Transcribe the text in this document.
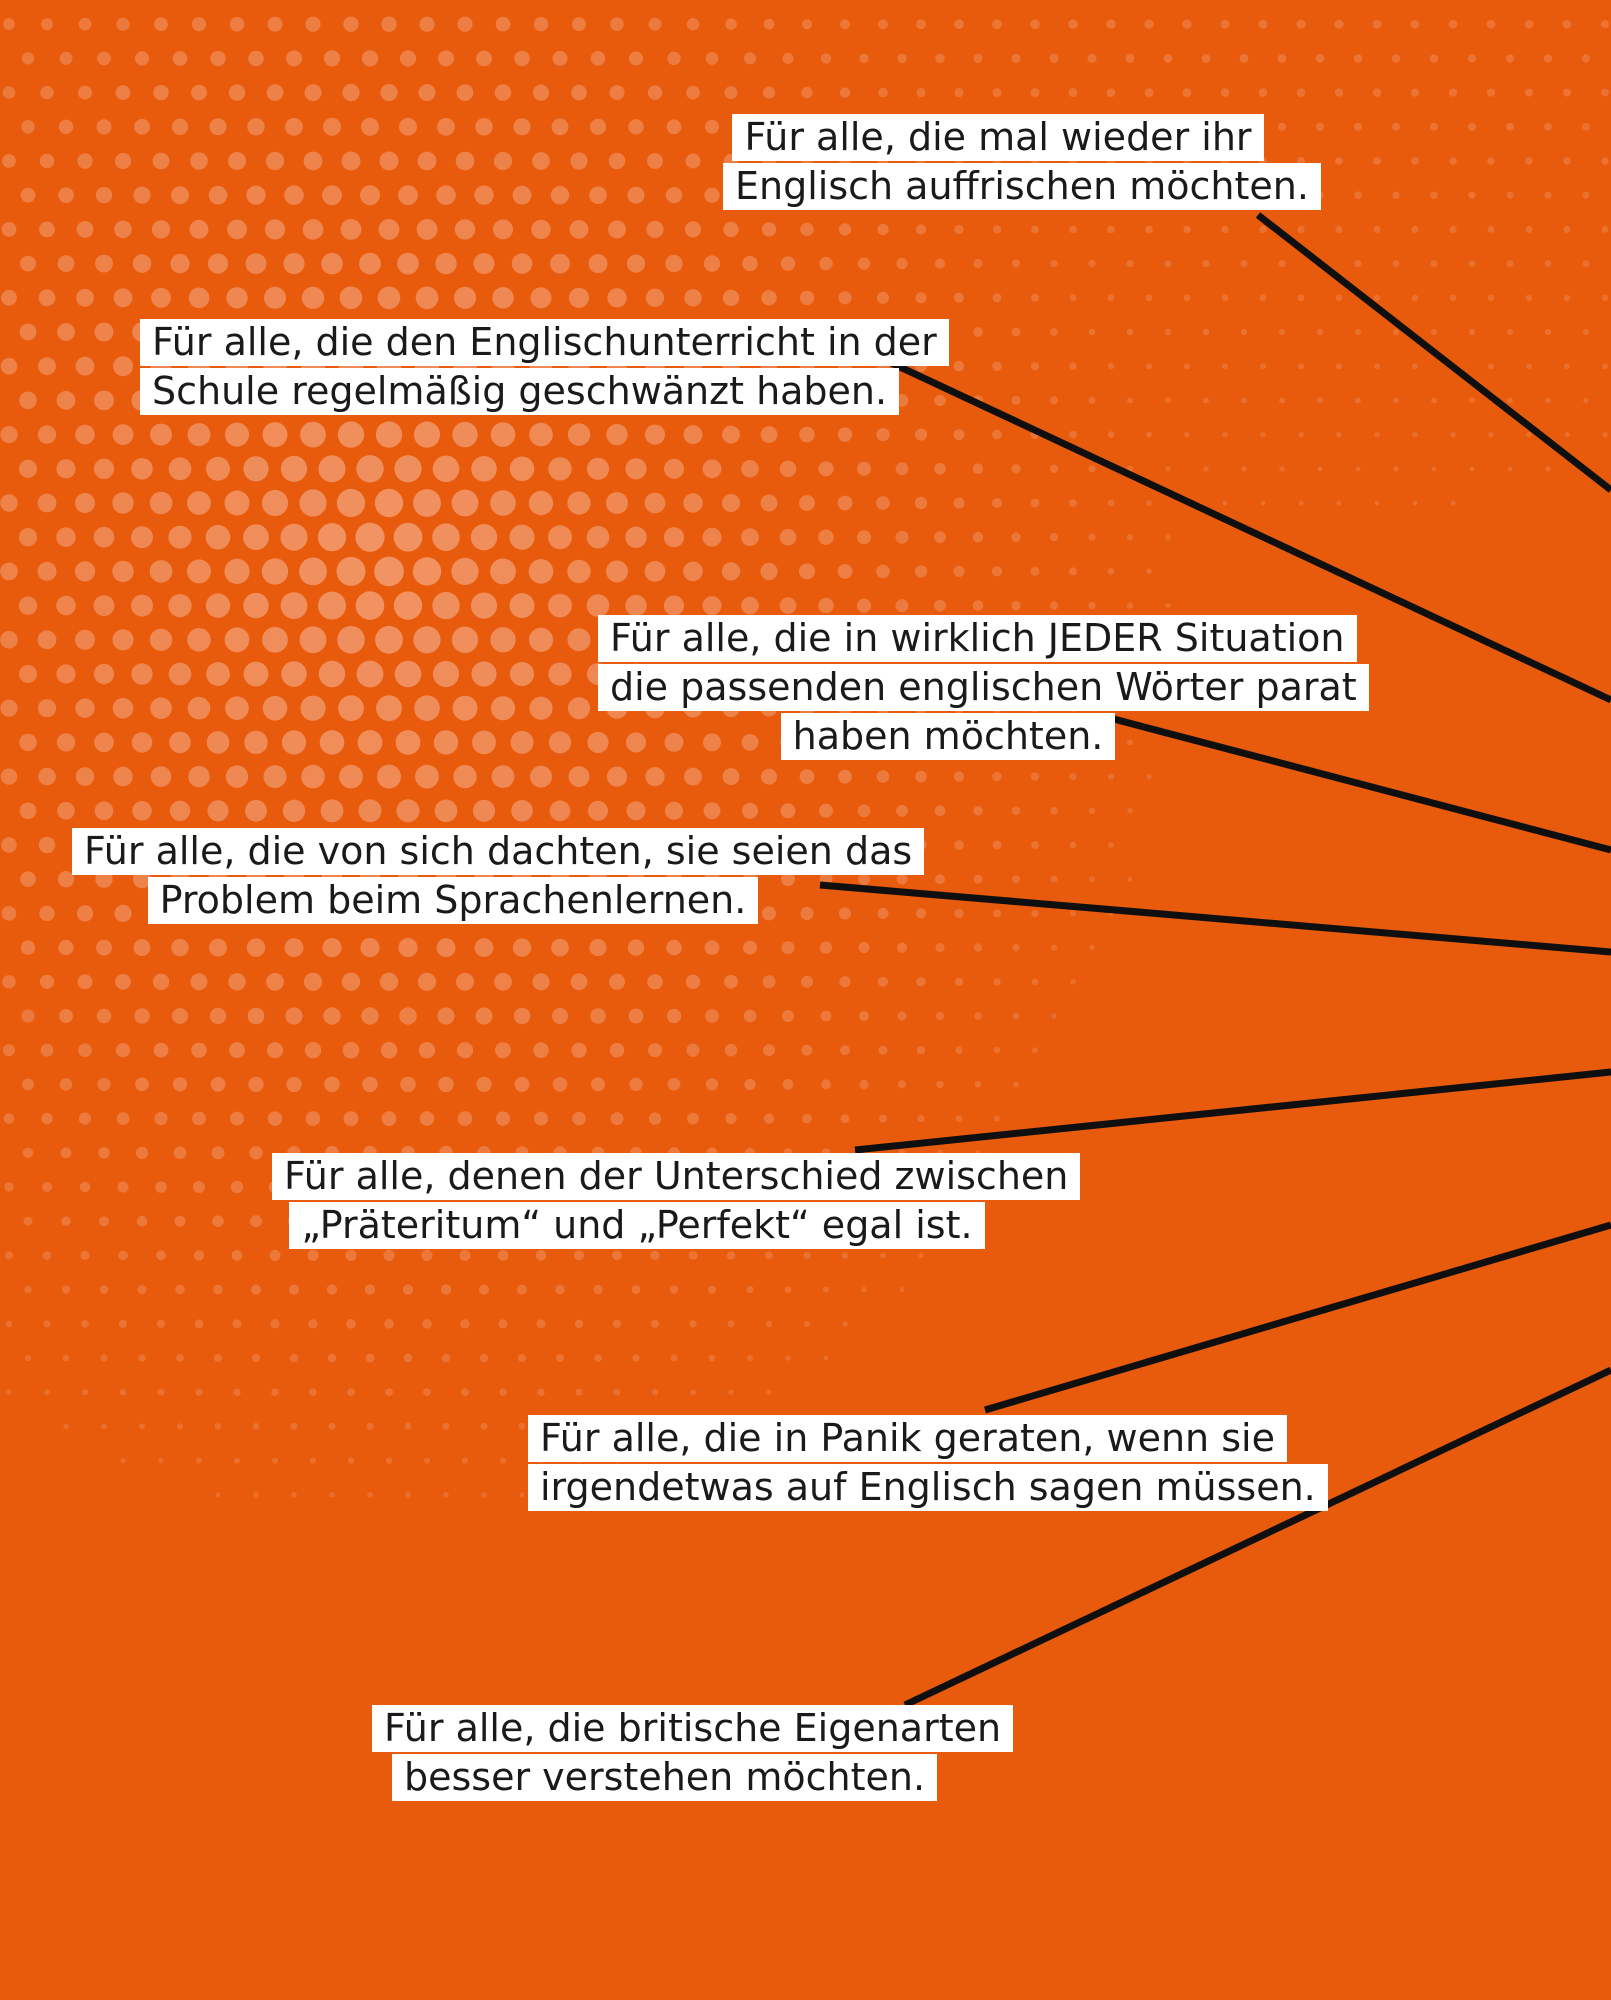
Für alle, die mal wieder ihr
Englisch auffrischen möchten.
Für alle, die den Englischunterricht in der
Schule regelmäßig geschwänzt haben.
Für alle, die in wirklich JEDER Situation
die passenden englischen Wörter parat
haben möchten.
Für alle, die von sich dachten, sie seien das
Problem beim Sprachenlernen.
Für alle, denen der Unterschied zwischen
„Präteritum“ und „Perfekt“ egal ist.
Für alle, die in Panik geraten, wenn sie
irgendetwas auf Englisch sagen müssen.
Für alle, die britische Eigenarten
besser verstehen möchten.
